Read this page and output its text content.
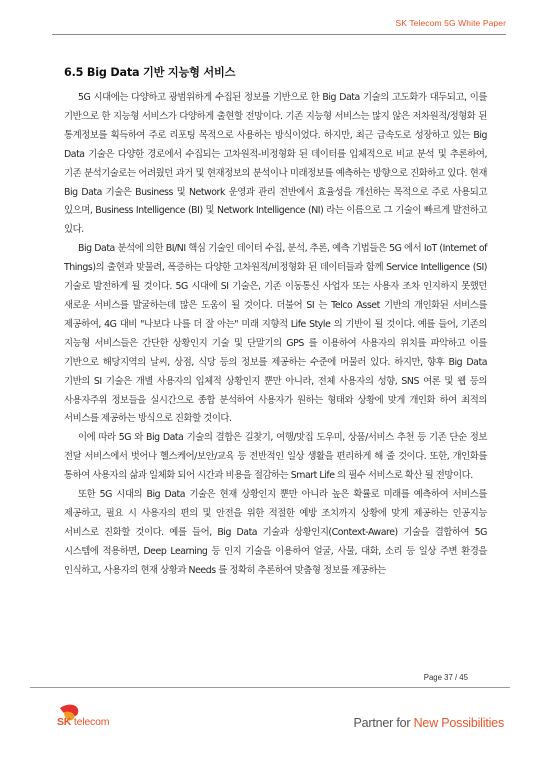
SK Telecom 5G White Paper
6.5 Big Data 기반 지능형 서비스

5G 시대에는 다양하고 광범위하게 수집된 정보를 기반으로 한 Big Data 기술의 고도화가 대두되고, 이를 기반으로 한 지능형 서비스가 다양하게 출현할 전망이다. 기존 지능형 서비스는 많지 않은 저차원적/정형화 된 통계정보를 획득하여 주로 리포팅 목적으로 사용하는 방식이었다. 하지만, 최근 급속도로 성장하고 있는 Big Data 기술은 다양한 경로에서 수집되는 고차원적-비정형화 된 데이터를 입체적으로 비교 분석 및 추론하여, 기존 분석기술로는 어려웠던 과거 및 현재정보의 분석이나 미래정보를 예측하는 방향으로 진화하고 있다. 현재 Big Data 기술은 Business 및 Network 운영과 관리 전반에서 효율성을 개선하는 목적으로 주로 사용되고 있으며, Business Intelligence (BI) 및 Network Intelligence (NI) 라는 이름으로 그 기술이 빠르게 발전하고 있다.

Big Data 분석에 의한 BI/NI 핵심 기술인 데이터 수집, 분석, 추론, 예측 기법들은 5G 에서 IoT (Internet of Things)의 출현과 맞물려, 폭증하는 다양한 고차원적/비정형화 된 데이터들과 함께 Service Intelligence (SI) 기술로 발전하게 될 것이다. 5G 시대에 SI 기술은, 기존 이동통신 사업자 또는 사용자 조차 인지하지 못했던 새로운 서비스를 발굴하는데 많은 도움이 될 것이다. 더불어 SI 는 Telco Asset 기반의 개인화된 서비스를 제공하여, 4G 대비 "나보다 나를 더 잘 아는" 미래 지향적 Life Style 의 기반이 될 것이다. 예를 들어, 기존의 지능형 서비스들은 간단한 상황인지 기술 및 단말기의 GPS 를 이용하여 사용자의 위치를 파악하고 이를 기반으로 해당지역의 날씨, 상점, 식당 등의 정보를 제공하는 수준에 머물러 있다. 하지만, 향후 Big Data 기반의 SI 기술은 개별 사용자의 입체적 상황인지 뿐만 아니라, 전체 사용자의 성향, SNS 여론 및 웹 등의 사용자주위 정보들을 실시간으로 종합 분석하여 사용자가 원하는 형태와 상황에 맞게 개인화 하여 최적의 서비스를 제공하는 방식으로 진화할 것이다.

이에 따라 5G 와 Big Data 기술의 결합은 길찾기, 여행/맛집 도우미, 상품/서비스 추천 등 기존 단순 정보 전달 서비스에서 벗어나 헬스케어/보안/교육 등 전반적인 일상 생활을 편리하게 해 줄 것이다. 또한, 개인화를 통하여 사용자의 삶과 일체화 되어 시간과 비용을 절감하는 Smart Life 의 필수 서비스로 확산 될 전망이다.

또한 5G 시대의 Big Data 기술은 현재 상황인지 뿐만 아니라 높은 확률로 미래를 예측하여 서비스를 제공하고, 필요 시 사용자의 편의 및 안전을 위한 적절한 예방 조치까지 상황에 맞게 제공하는 인공지능 서비스로 진화할 것이다. 예를 들어, Big Data 기술과 상황인지(Context-Aware) 기술을 결합하여 5G 시스템에 적용하면, Deep Learning 등 인지 기술을 이용하여 얼굴, 사물, 대화, 소리 등 일상 주변 환경을 인식하고, 사용자의 현재 상황과 Needs 를 정확히 추론하여 맞춤형 정보를 제공하는

Page 37 / 45
SK telecom	Partner for New Possibilities
